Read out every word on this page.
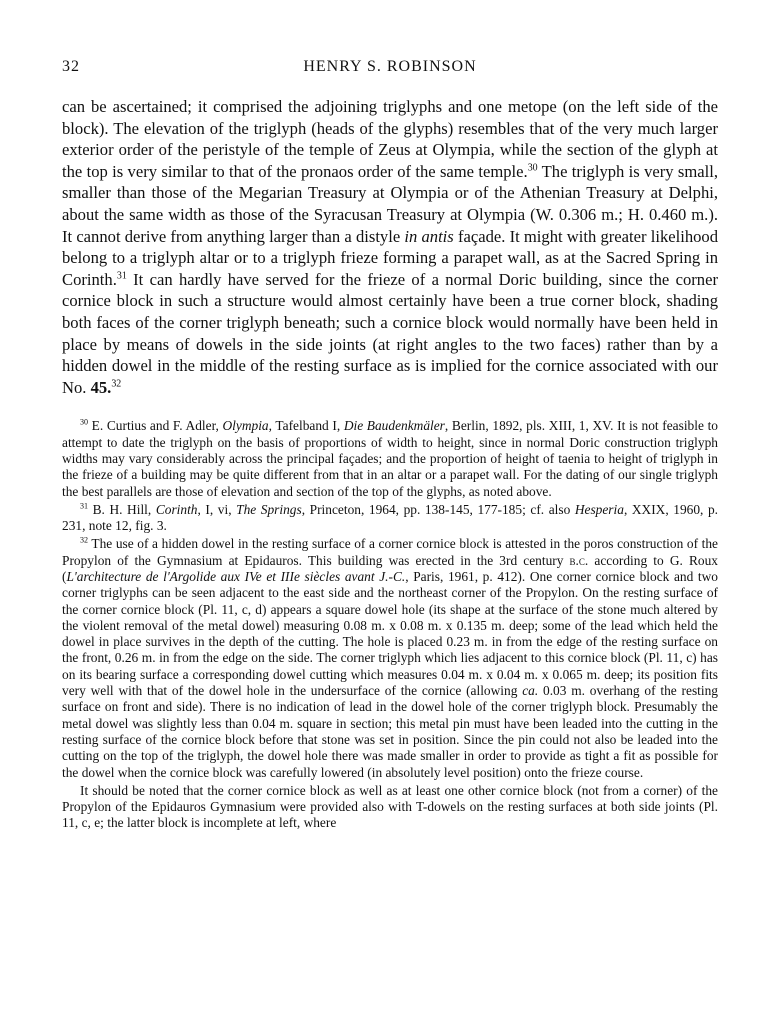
32	HENRY S. ROBINSON

can be ascertained; it comprised the adjoining triglyphs and one metope (on the left side of the block). The elevation of the triglyph (heads of the glyphs) resembles that of the very much larger exterior order of the peristyle of the temple of Zeus at Olympia, while the section of the glyph at the top is very similar to that of the pronaos order of the same temple.$^{30}$ The triglyph is very small, smaller than those of the Megarian Treasury at Olympia or of the Athenian Treasury at Delphi, about the same width as those of the Syracusan Treasury at Olympia (W. 0.306 m.; H. 0.460 m.). It cannot derive from anything larger than a distyle in antis façade. It might with greater likelihood belong to a triglyph altar or to a triglyph frieze forming a parapet wall, as at the Sacred Spring in Corinth.$^{31}$ It can hardly have served for the frieze of a normal Doric building, since the corner cornice block in such a structure would almost certainly have been a true corner block, shading both faces of the corner triglyph beneath; such a cornice block would normally have been held in place by means of dowels in the side joints (at right angles to the two faces) rather than by a hidden dowel in the middle of the resting surface as is implied for the cornice associated with our No. 45.32

$^{30}$ E. Curtius and F. Adler, Olympia, Tafelband I, Die Baudenkmäler, Berlin, 1892, pls. XIII, 1, XV. It is not feasible to attempt to date the triglyph on the basis of proportions of width to height, since in normal Doric construction triglyph widths may vary considerably across the principal façades; and the proportion of height of taenia to height of triglyph in the frieze of a building may be quite different from that in an altar or a parapet wall. For the dating of our single triglyph the best parallels are those of elevation and section of the top of the glyphs, as noted above.

$^{31}$ B. H. Hill, Corinth, I, vi, The Springs, Princeton, 1964, pp. 138-145, 177-185; cf. also Hesperia, XXIX, 1960, p. 231, note 12, fig. 3.

$^{32}$ The use of a hidden dowel in the resting surface of a corner cornice block is attested in the poros construction of the Propylon of the Gymnasium at Epidauros. This building was erected in the 3rd century b.c. according to G. Roux (L'architecture de l'Argolide aux IVe et IIIe siècles avant J.-C., Paris, 1961, p. 412). One corner cornice block and two corner triglyphs can be seen adjacent to the east side and the northeast corner of the Propylon. On the resting surface of the corner cornice block (Pl. 11, c, d) appears a square dowel hole (its shape at the surface of the stone much altered by the violent removal of the metal dowel) measuring 0.08 m. x 0.08 m. x 0.135 m. deep; some of the lead which held the dowel in place survives in the depth of the cutting. The hole is placed 0.23 m. in from the edge of the resting surface on the front, 0.26 m. in from the edge on the side. The corner triglyph which lies adjacent to this cornice block (Pl. 11, c) has on its bearing surface a corresponding dowel cutting which measures 0.04 m. x 0.04 m. x 0.065 m. deep; its position fits very well with that of the dowel hole in the undersurface of the cornice (allowing ca. 0.03 m. overhang of the resting surface on front and side). There is no indication of lead in the dowel hole of the corner triglyph block. Presumably the metal dowel was slightly less than 0.04 m. square in section; this metal pin must have been leaded into the cutting in the resting surface of the cornice block before that stone was set in position. Since the pin could not also be leaded into the cutting on the top of the triglyph, the dowel hole there was made smaller in order to provide as tight a fit as possible for the dowel when the cornice block was carefully lowered (in absolutely level position) onto the frieze course.

It should be noted that the corner cornice block as well as at least one other cornice block (not from a corner) of the Propylon of the Epidauros Gymnasium were provided also with T-dowels on the resting surfaces at both side joints (Pl. 11, c, e; the latter block is incomplete at left, where
